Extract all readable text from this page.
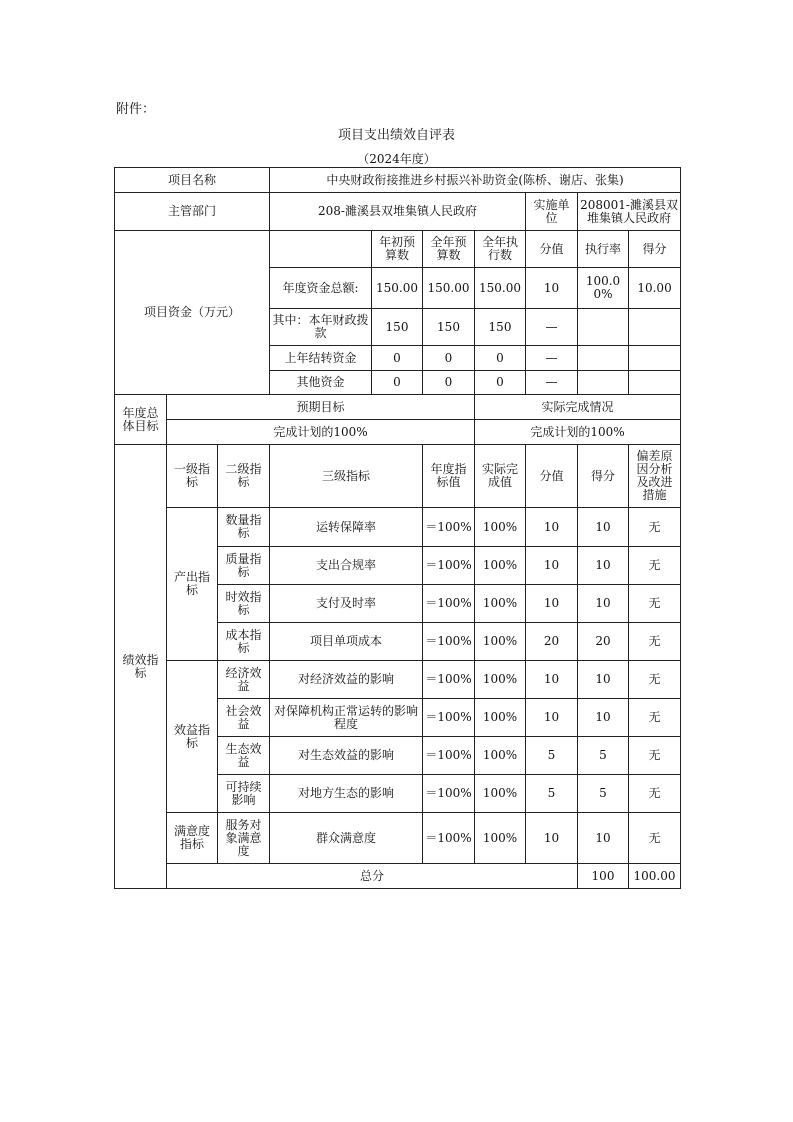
附件：
项目支出绩效自评表
（2024年度）
项目名称			中央财政衔接推进乡村振兴补助资金(陈桥、谢店、张集)							
主管部门			208-濉溪县双堆集镇人民政府				实施单位	208001-濉溪县双堆集镇人民政府		
项目资金（万元）				年初预算数	全年预算数	全年执行数	分值	执行率	得分	
			年度资金总额:	150.00	150.00	150.00	10	100.00%	10.00	
			其中：本年财政拨款	150	150	150	—			
			上年结转资金	0	0	0	—			
			其他资金	0	0	0	—			
年度总体目标	预期目标					实际完成情况				
	完成计划的100%					完成计划的100%				
绩效指标	一级指标	二级指标	三级指标		年度指标值	实际完成值	分值	得分	偏差原因分析及改进措施	
	产出指标	数量指标	运转保障率		＝100%	100%	10	10	无	
		质量指标	支出合规率		＝100%	100%	10	10	无	
		时效指标	支付及时率		＝100%	100%	10	10	无	
		成本指标	项目单项成本		＝100%	100%	20	20	无	
	效益指标	经济效益	对经济效益的影响		＝100%	100%	10	10	无	
		社会效益	对保障机构正常运转的影响程度		＝100%	100%	10	10	无	
		生态效益	对生态效益的影响		＝100%	100%	5	5	无	
		可持续影响	对地方生态的影响		＝100%	100%	5	5	无	
	满意度指标	服务对象满意度	群众满意度		＝100%	100%	10	10	无	
	总分							100	100.00	
